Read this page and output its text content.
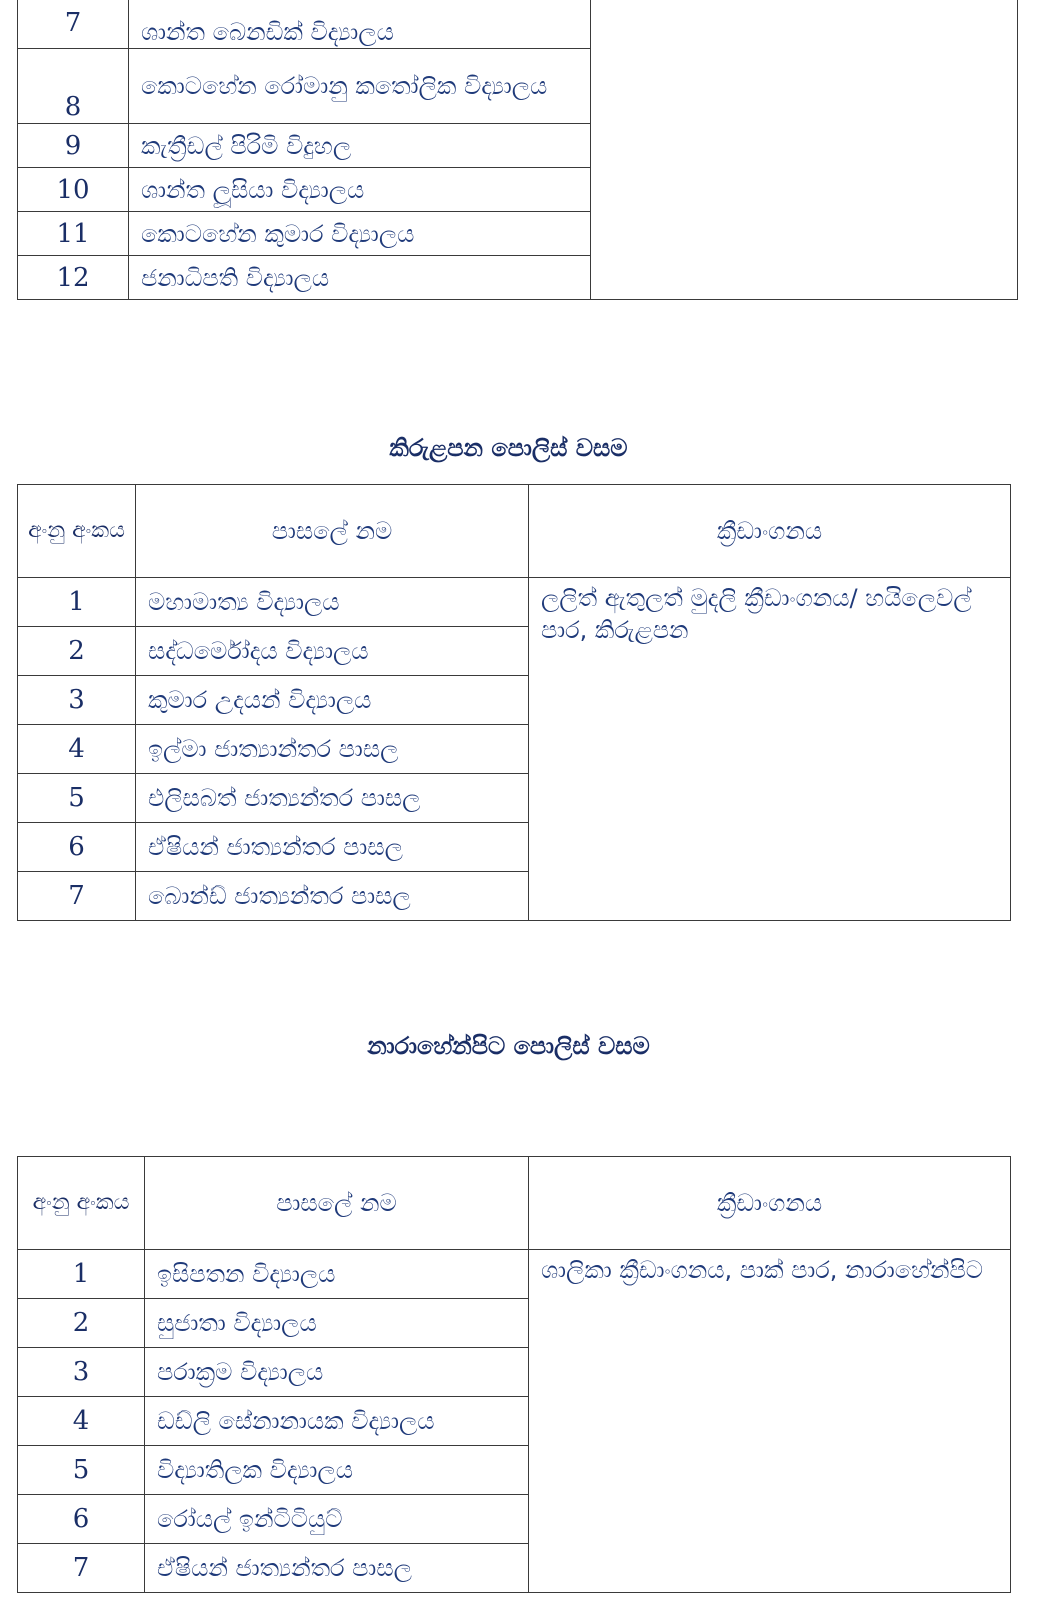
7	ශාන්ත බෙනඩික් විද්‍යාලය	
8	කොටහේන රෝමානු කතෝලික විද්‍යාලය	
9	කැත්‍රීඩල් පිරිමි විදුහල	
10	ශාන්ත ලූසියා විද්‍යාලය	
11	කොටහේන කුමාර විද්‍යාලය	
12	ජනාධිපති විද්‍යාලය	
කිරුළපන පොලිස් වසම
අංනු අංකය	පාසලේ නම	ක්‍රීඩාංගනය
1	මහාමාත්‍ය විද්‍යාලය	ලලිත් ඇතුලත් මුදලි ක්‍රීඩාංගනය/ හයිලෙවල් පාර, කිරුළපන
2	සද්ධර්මෝදය විද්‍යාලය	
3	කුමාර උදයන් විද්‍යාලය	
4	ඉල්මා ජාත්‍යාන්තර පාසල	
5	එලිසබත් ජාත්‍යන්තර පාසල	
6	ඒෂියන් ජාත්‍යන්තර පාසල	
7	බොන්ඩ් ජාත්‍යන්තර පාසල	
නාරාහේන්පිට පොලිස් වසම
අංනු අංකය	පාසලේ නම	ක්‍රීඩාංගනය
1	ඉසිපතන විද්‍යාලය	ශාලිකා ක්‍රීඩාංගනය, පාක් පාර, නාරාහේන්පිට
2	සුජාතා විද්‍යාලය	
3	පරාක්‍රම විද්‍යාලය	
4	ඩඩ්ලි සේනානායක විද්‍යාලය	
5	විද්‍යාතිලක විද්‍යාලය	
6	රෝයල් ඉන්ටිටියුට්	
7	ඒෂියන් ජාත්‍යන්තර පාසල	
